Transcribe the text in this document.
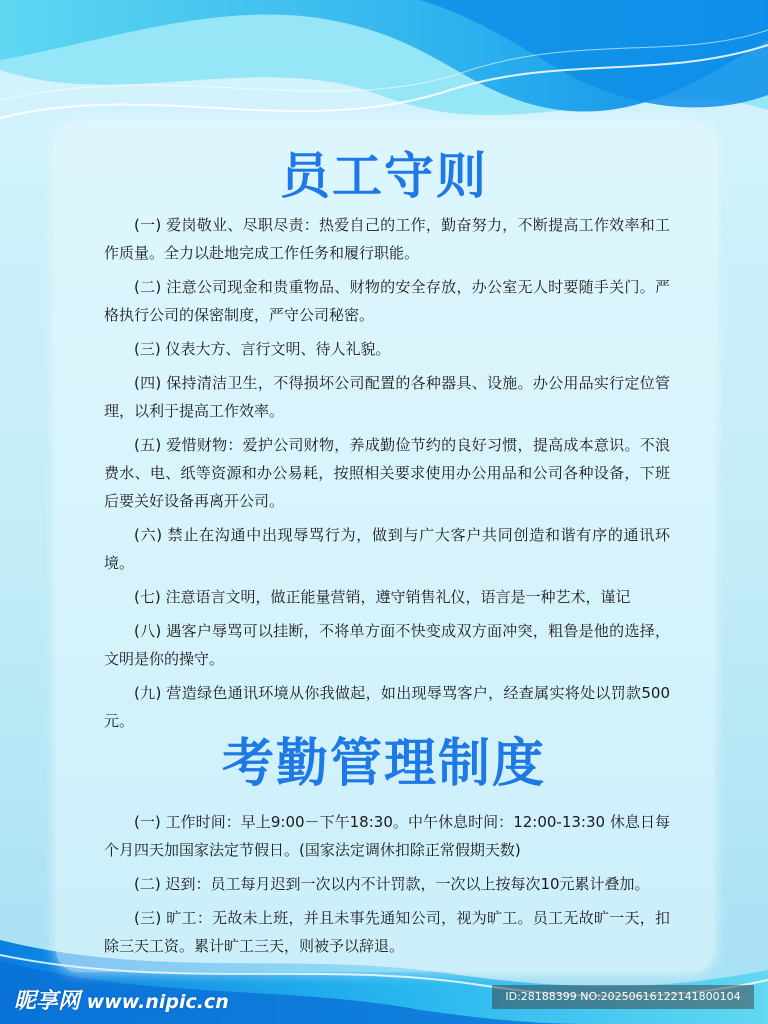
员工守则

(一) 爱岗敬业、尽职尽责：热爱自己的工作，勤奋努力，不断提高工作效率和工作质量。全力以赴地完成工作任务和履行职能。

(二) 注意公司现金和贵重物品、财物的安全存放，办公室无人时要随手关门。严格执行公司的保密制度，严守公司秘密。

(三) 仪表大方、言行文明、待人礼貌。

(四) 保持清洁卫生，不得损坏公司配置的各种器具、设施。办公用品实行定位管理，以利于提高工作效率。

(五) 爱惜财物：爱护公司财物，养成勤俭节约的良好习惯，提高成本意识。不浪费水、电、纸等资源和办公易耗，按照相关要求使用办公用品和公司各种设备，下班后要关好设备再离开公司。

(六) 禁止在沟通中出现辱骂行为，做到与广大客户共同创造和谐有序的通讯环境。

(七) 注意语言文明，做正能量营销，遵守销售礼仪，语言是一种艺术，谨记

(八) 遇客户辱骂可以挂断，不将单方面不快变成双方面冲突，粗鲁是他的选择，文明是你的操守。

(九) 营造绿色通讯环境从你我做起，如出现辱骂客户，经查属实将处以罚款500元。

考勤管理制度

(一) 工作时间：早上9:00－下午18:30。中午休息时间：12:00-13:30 休息日每个月四天加国家法定节假日。(国家法定调休扣除正常假期天数)

(二) 迟到：员工每月迟到一次以内不计罚款，一次以上按每次10元累计叠加。

(三) 旷工：无故未上班，并且未事先通知公司，视为旷工。员工无故旷一天，扣除三天工资。累计旷工三天，则被予以辞退。

昵享网 www.nipic.cn	ID:28188399 NO:20250616122141800104
